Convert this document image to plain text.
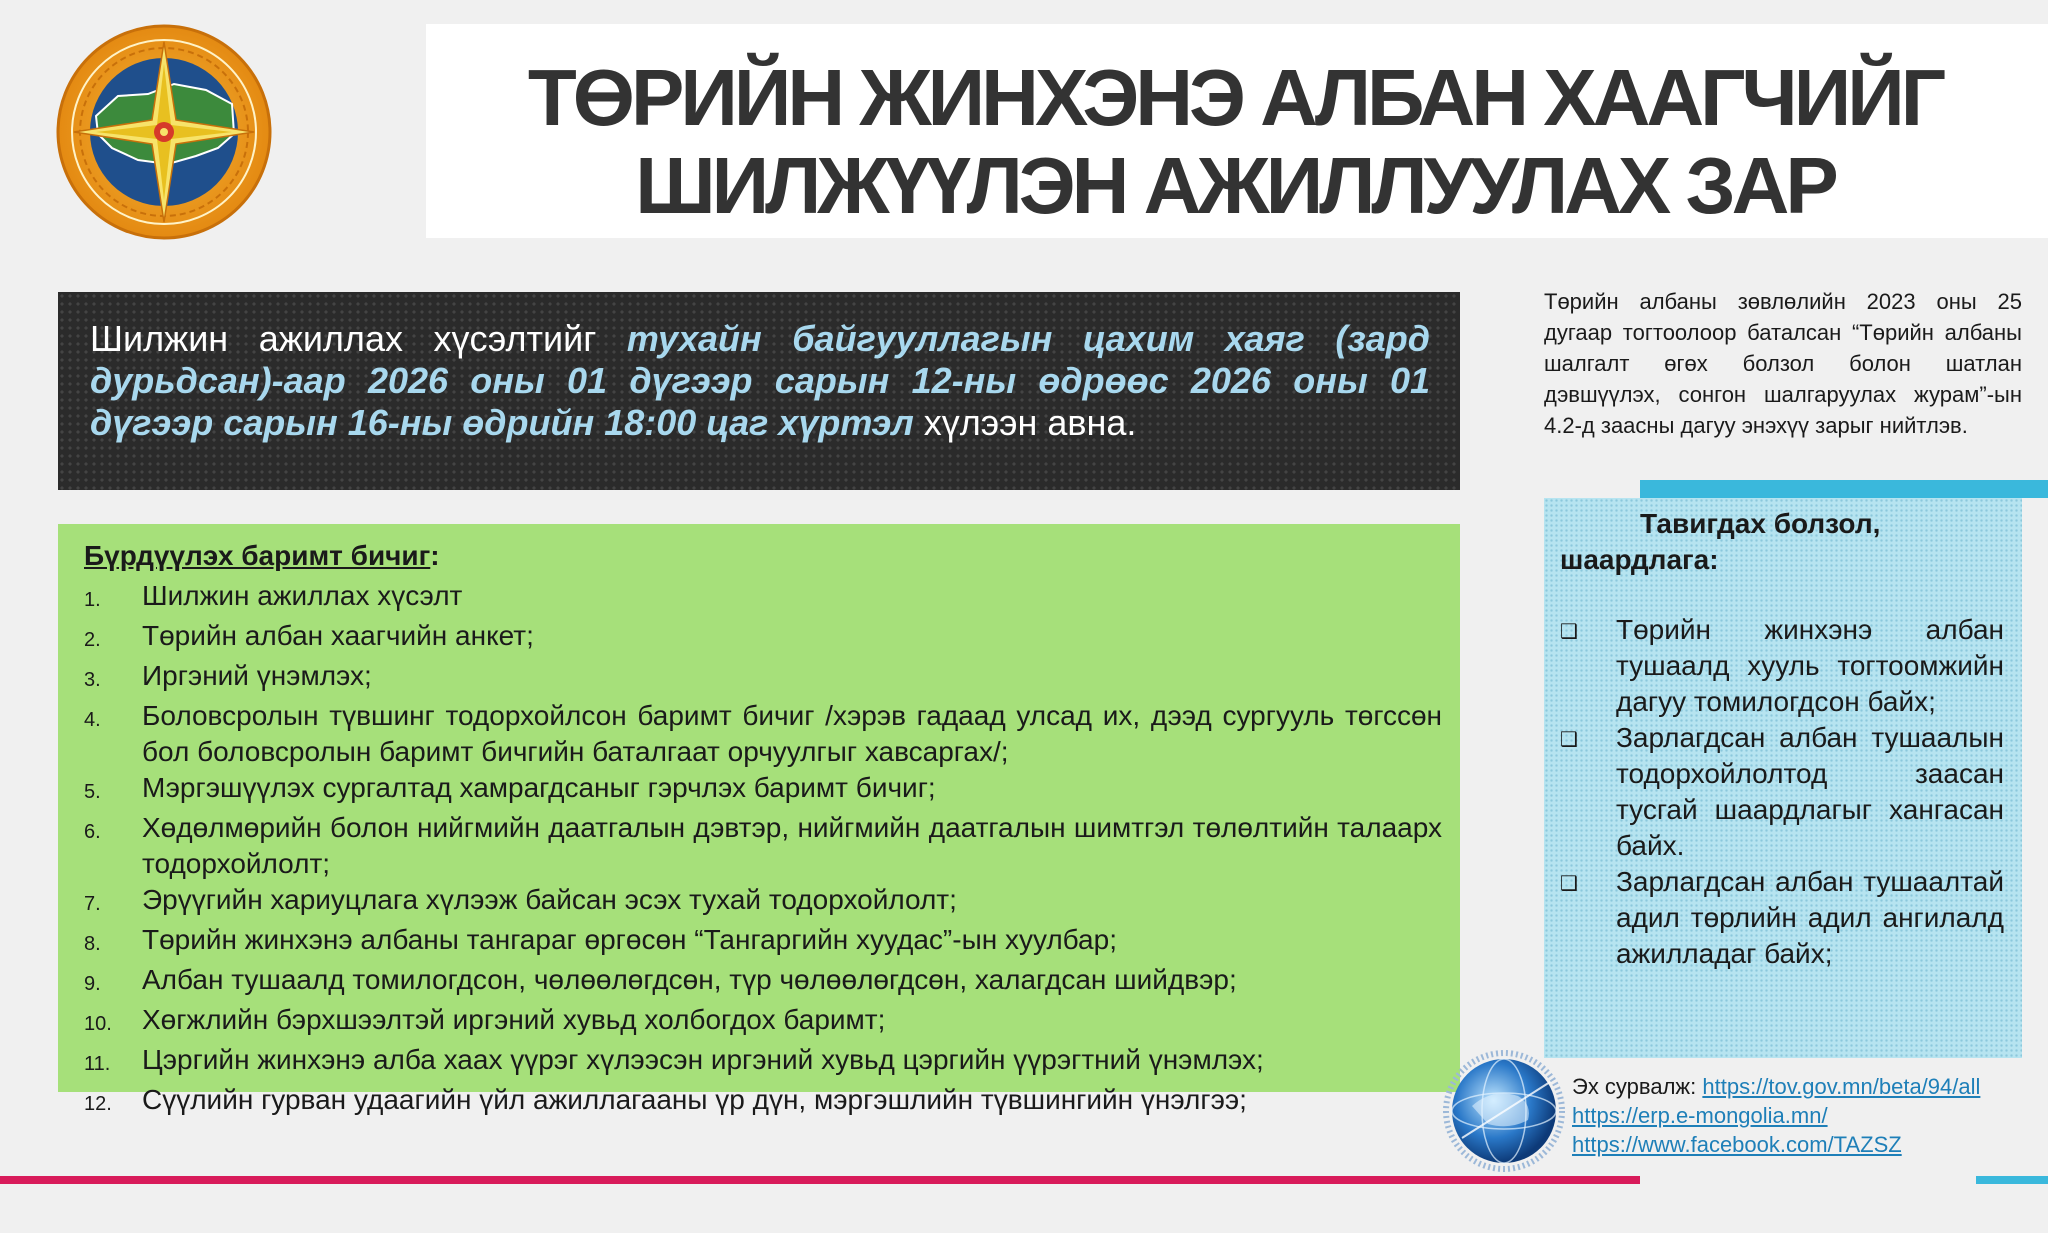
ТӨРИЙН ЖИНХЭНЭ АЛБАН ХААГЧИЙГ
ШИЛЖҮҮЛЭН АЖИЛЛУУЛАХ ЗАР

Шилжин ажиллах хүсэлтийг тухайн байгууллагын цахим хаяг (зард дурьдсан)-аар 2026 оны 01 дүгээр сарын 12-ны өдрөөс 2026 оны 01 дүгээр сарын 16-ны өдрийн 18:00 цаг хүртэл хүлээн авна.

Бүрдүүлэх баримт бичиг:
1.	Шилжин ажиллах хүсэлт
2.	Төрийн албан хаагчийн анкет;
3.	Иргэний үнэмлэх;
4.	Боловсролын түвшинг тодорхойлсон баримт бичиг /хэрэв гадаад улсад их, дээд сургууль төгссөн бол боловсролын баримт бичгийн баталгаат орчуулгыг хавсаргах/;
5.	Мэргэшүүлэх сургалтад хамрагдсаныг гэрчлэх баримт бичиг;
6.	Хөдөлмөрийн болон нийгмийн даатгалын дэвтэр, нийгмийн даатгалын шимтгэл төлөлтийн талаарх тодорхойлолт;
7.	Эрүүгийн хариуцлага хүлээж байсан эсэх тухай тодорхойлолт;
8.	Төрийн жинхэнэ албаны тангараг өргөсөн “Тангаргийн хуудас”-ын хуулбар;
9.	Албан тушаалд томилогдсон, чөлөөлөгдсөн, түр чөлөөлөгдсөн, халагдсан шийдвэр;
10.	Хөгжлийн бэрхшээлтэй иргэний хувьд холбогдох баримт;
11.	Цэргийн жинхэнэ алба хаах үүрэг хүлээсэн иргэний хувьд цэргийн үүрэгтний үнэмлэх;
12.	Сүүлийн гурван удаагийн үйл ажиллагааны үр дүн, мэргэшлийн түвшингийн үнэлгээ;

Төрийн албаны зөвлөлийн 2023 оны 25 дугаар тогтоолоор баталсан “Төрийн албаны шалгалт өгөх болзол болон шатлан дэвшүүлэх, сонгон шалгаруулах журам”-ын 4.2-д заасны дагуу энэхүү зарыг нийтлэв.

Тавигдах болзол,
шаардлага:

❑	Төрийн жинхэнэ албан тушаалд хууль тогтоомжийн дагуу томилогдсон байх;
❑	Зарлагдсан албан тушаалын тодорхойлолтод заасан тусгай шаардлагыг хангасан байх.
❑	Зарлагдсан албан тушаалтай адил төрлийн адил ангилалд ажилладаг байх;
Эх сурвалж: https://tov.gov.mn/beta/94/all
https://erp.e-mongolia.mn/
https://www.facebook.com/TAZSZ
